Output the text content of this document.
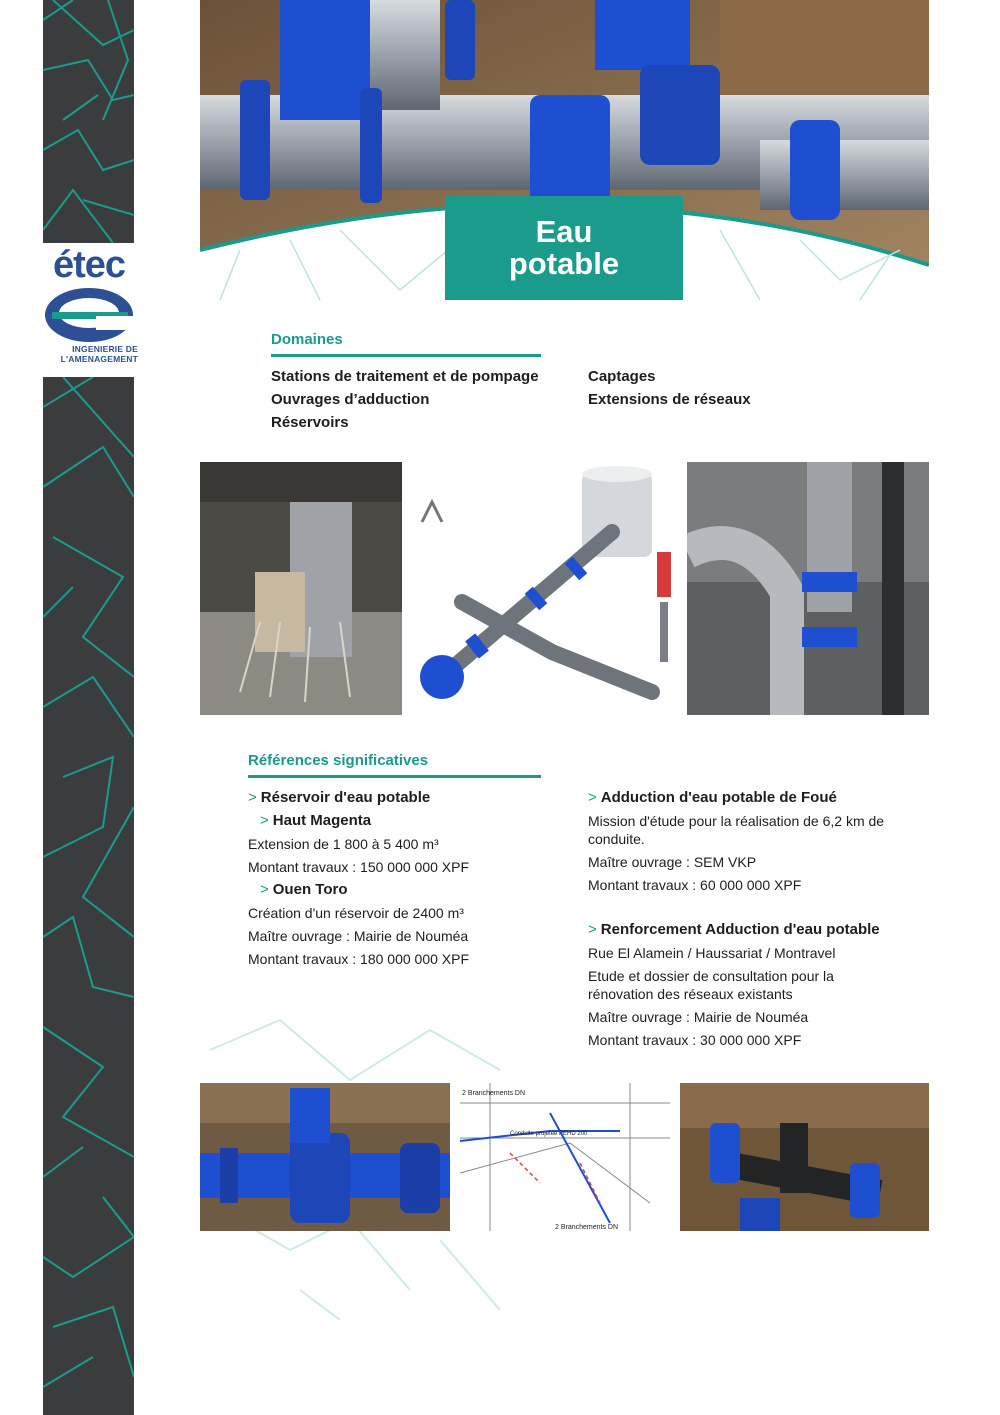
étec
INGENIERIE DE
L'AMENAGEMENT
Eau
potable
Domaines
Stations de traitement et de pompage
Ouvrages d’adduction
Réservoirs
Captages
Extensions de réseaux
Références significatives

> Réservoir d'eau potable

> Haut Magenta

Extension de 1 800 à 5 400 m³

Montant travaux : 150 000 000 XPF

> Ouen Toro

Création d'un réservoir de 2400 m³

Maître ouvrage : Mairie de Nouméa

Montant travaux : 180 000 000 XPF

> Adduction d'eau potable de Foué

Mission d'étude pour la réalisation de 6,2 km de conduite.

Maître ouvrage : SEM VKP

Montant travaux : 60 000 000 XPF

> Renforcement Adduction d'eau potable

Rue El Alamein / Haussariat / Montravel

Etude et dossier de consultation pour la rénovation des réseaux existants

Maître ouvrage : Mairie de Nouméa

Montant travaux : 30 000 000 XPF

2 Branchements DN
Conduite projetée PEHD 200
2 Branchements DN
